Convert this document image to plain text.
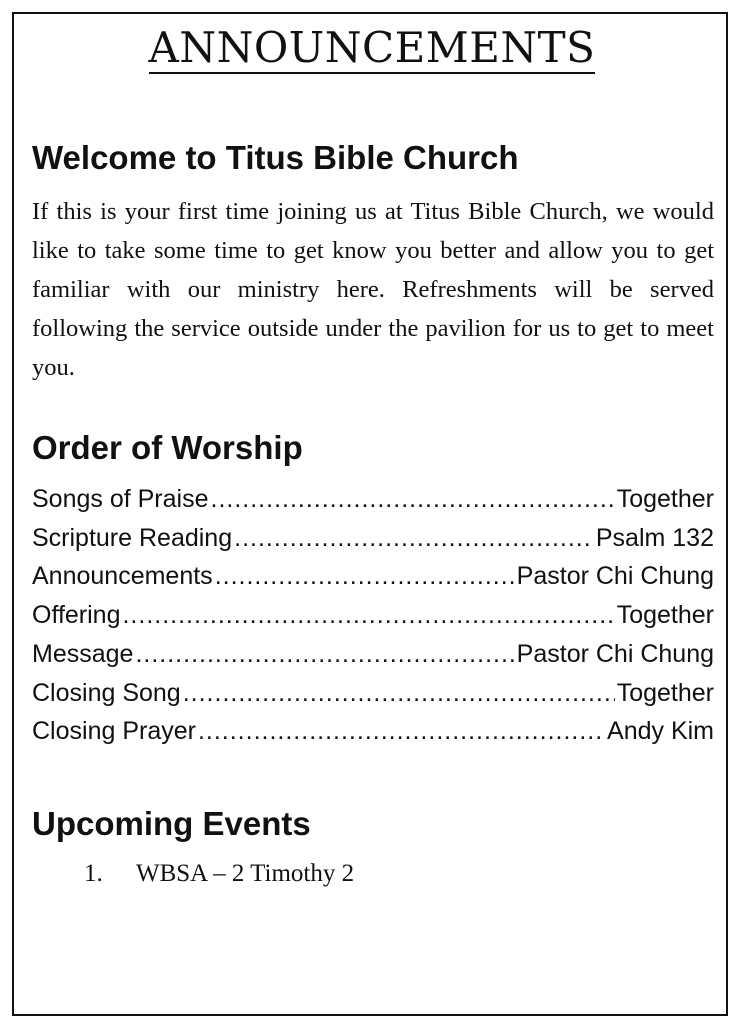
ANNOUNCEMENTS
Welcome to Titus Bible Church
If this is your first time joining us at Titus Bible Church, we would like to take some time to get know you better and allow you to get familiar with our ministry here. Refreshments will be served following the service outside under the pavilion for us to get to meet you.
Order of Worship
Songs of Praise .....	Together
Scripture Reading .....	Psalm 132
Announcements .....	Pastor Chi Chung
Offering .....	Together
Message .....	Pastor Chi Chung
Closing Song .....	Together
Closing Prayer .....	Andy Kim
Upcoming Events
1. WBSA – 2 Timothy 2
